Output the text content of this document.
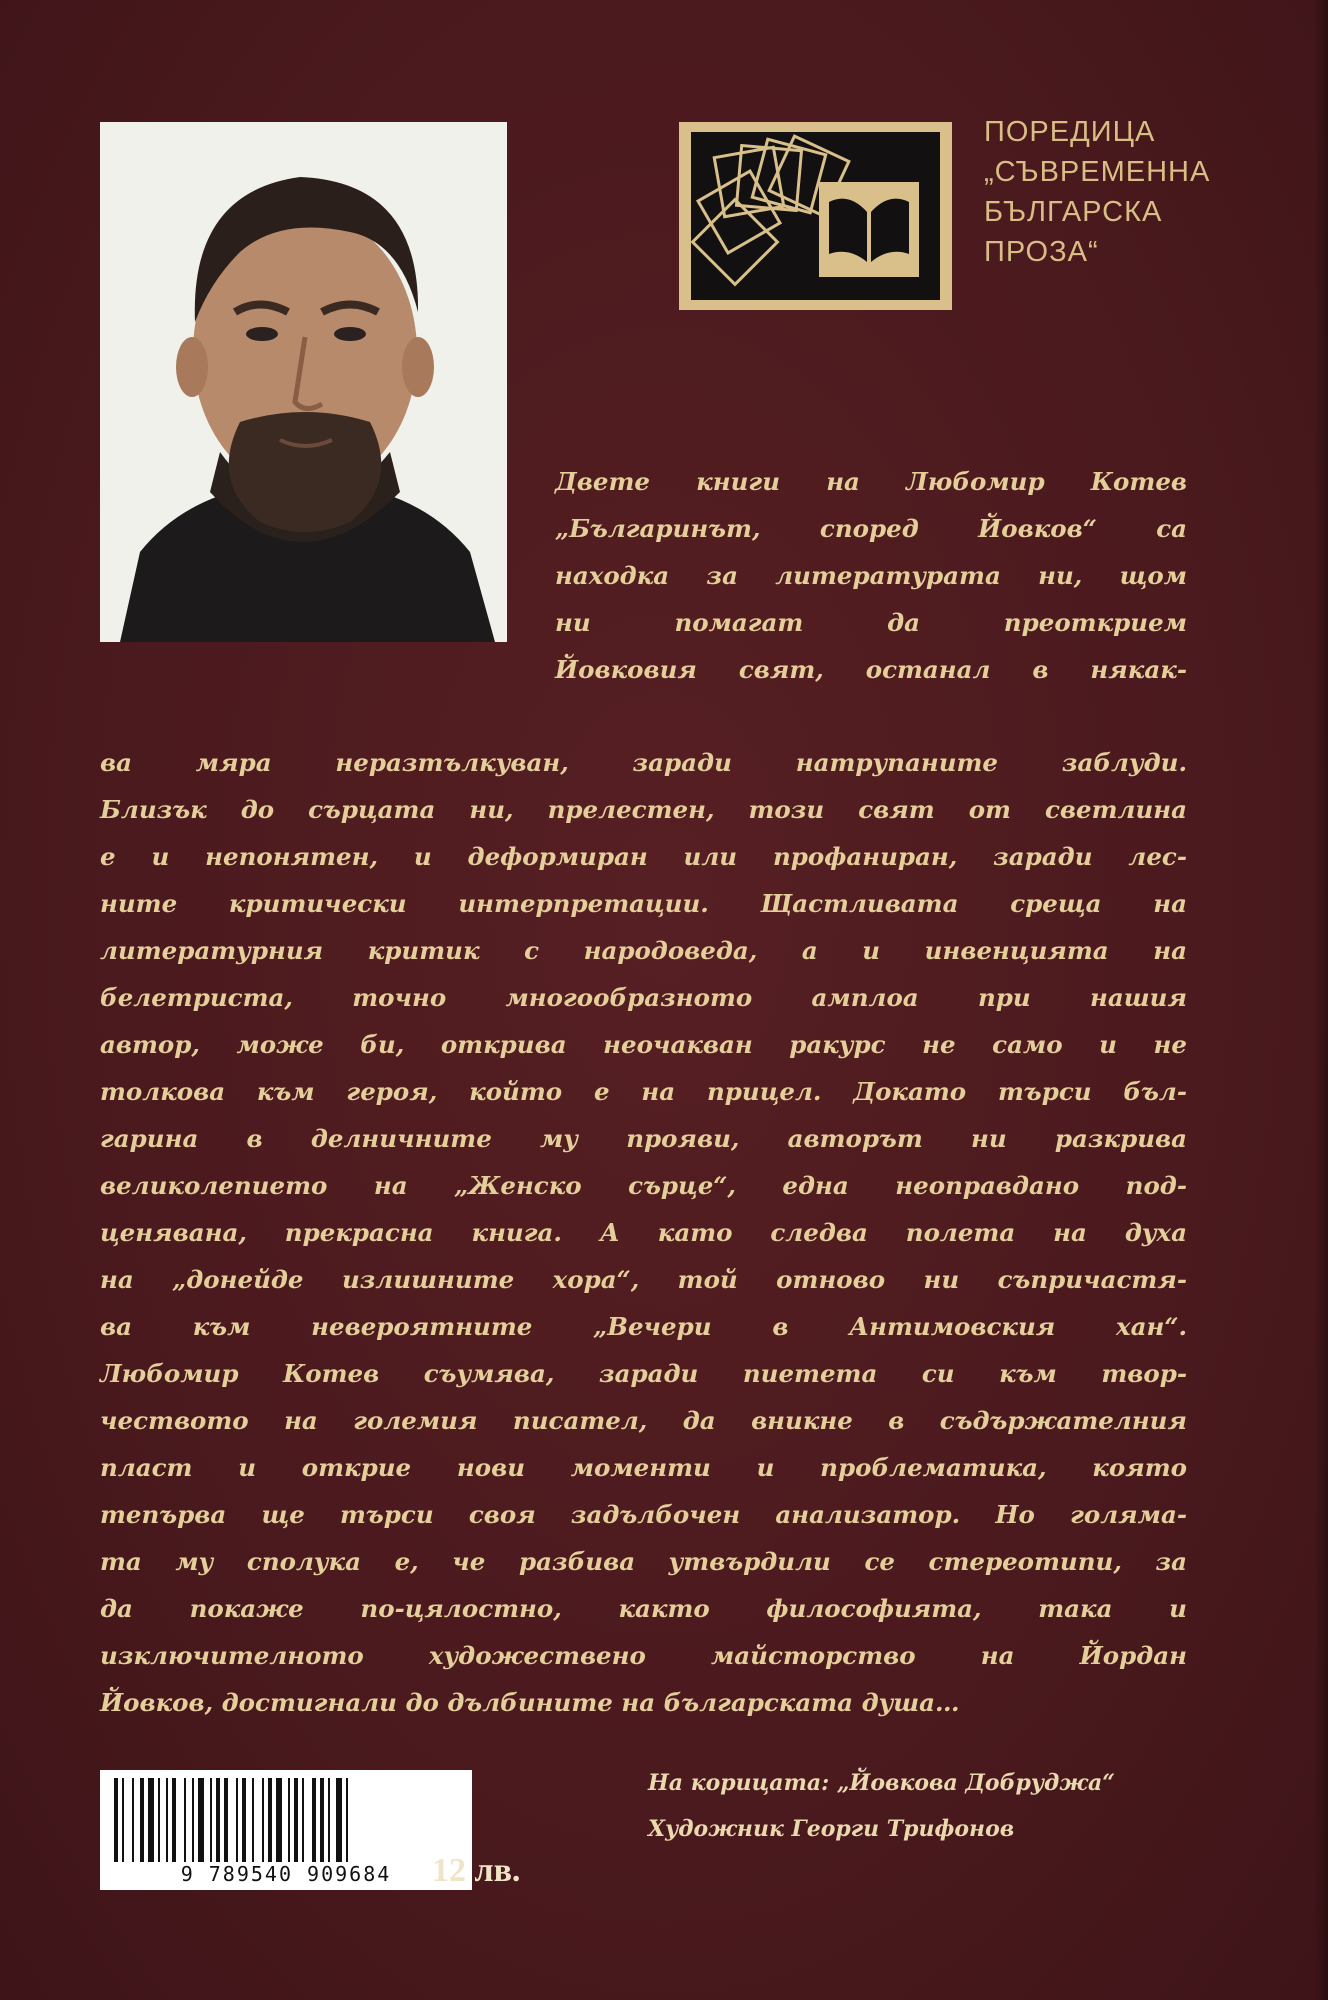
ПОРЕДИЦА
„СЪВРЕМЕННА
БЪЛГАРСКА
ПРОЗА“
Двете книги на Любомир Котев
„Българинът, според Йовков“ са
находка за литературата ни, щом
ни помагат да преоткрием
Йовковия свят, останал в някак-
ва мяра неразтълкуван, заради натрупаните заблуди.
Близък до сърцата ни, прелестен, този свят от светлина
е и непонятен, и деформиран или профаниран, заради лес-
ните критически интерпретации. Щастливата среща на
литературния критик с народоведа, а и инвенцията на
белетриста, точно многообразното амплоа при нашия
автор, може би, открива неочакван ракурс не само и не
толкова към героя, който е на прицел. Докато търси бъл-
гарина в делничните му прояви, авторът ни разкрива
великолепието на „Женско сърце“, една неоправдано под-
ценявана, прекрасна книга. А като следва полета на духа
на „донейде излишните хора“, той отново ни съпричастя-
ва към невероятните „Вечери в Антимовския хан“.
Любомир Котев съумява, заради пиетета си към твор-
чеството на големия писател, да вникне в съдържателния
пласт и открие нови моменти и проблематика, която
тепърва ще търси своя задълбочен анализатор. Но голяма-
та му сполука е, че разбива утвърдили се стереотипи, за
да покаже по-цялостно, както философията, така и
изключителното художествено майсторство на Йордан
Йовков, достигнали до дълбините на българската душа…
9 789540 909684	12 лв.
На корицата: „Йовкова Добруджа“
Художник Георги Трифонов
